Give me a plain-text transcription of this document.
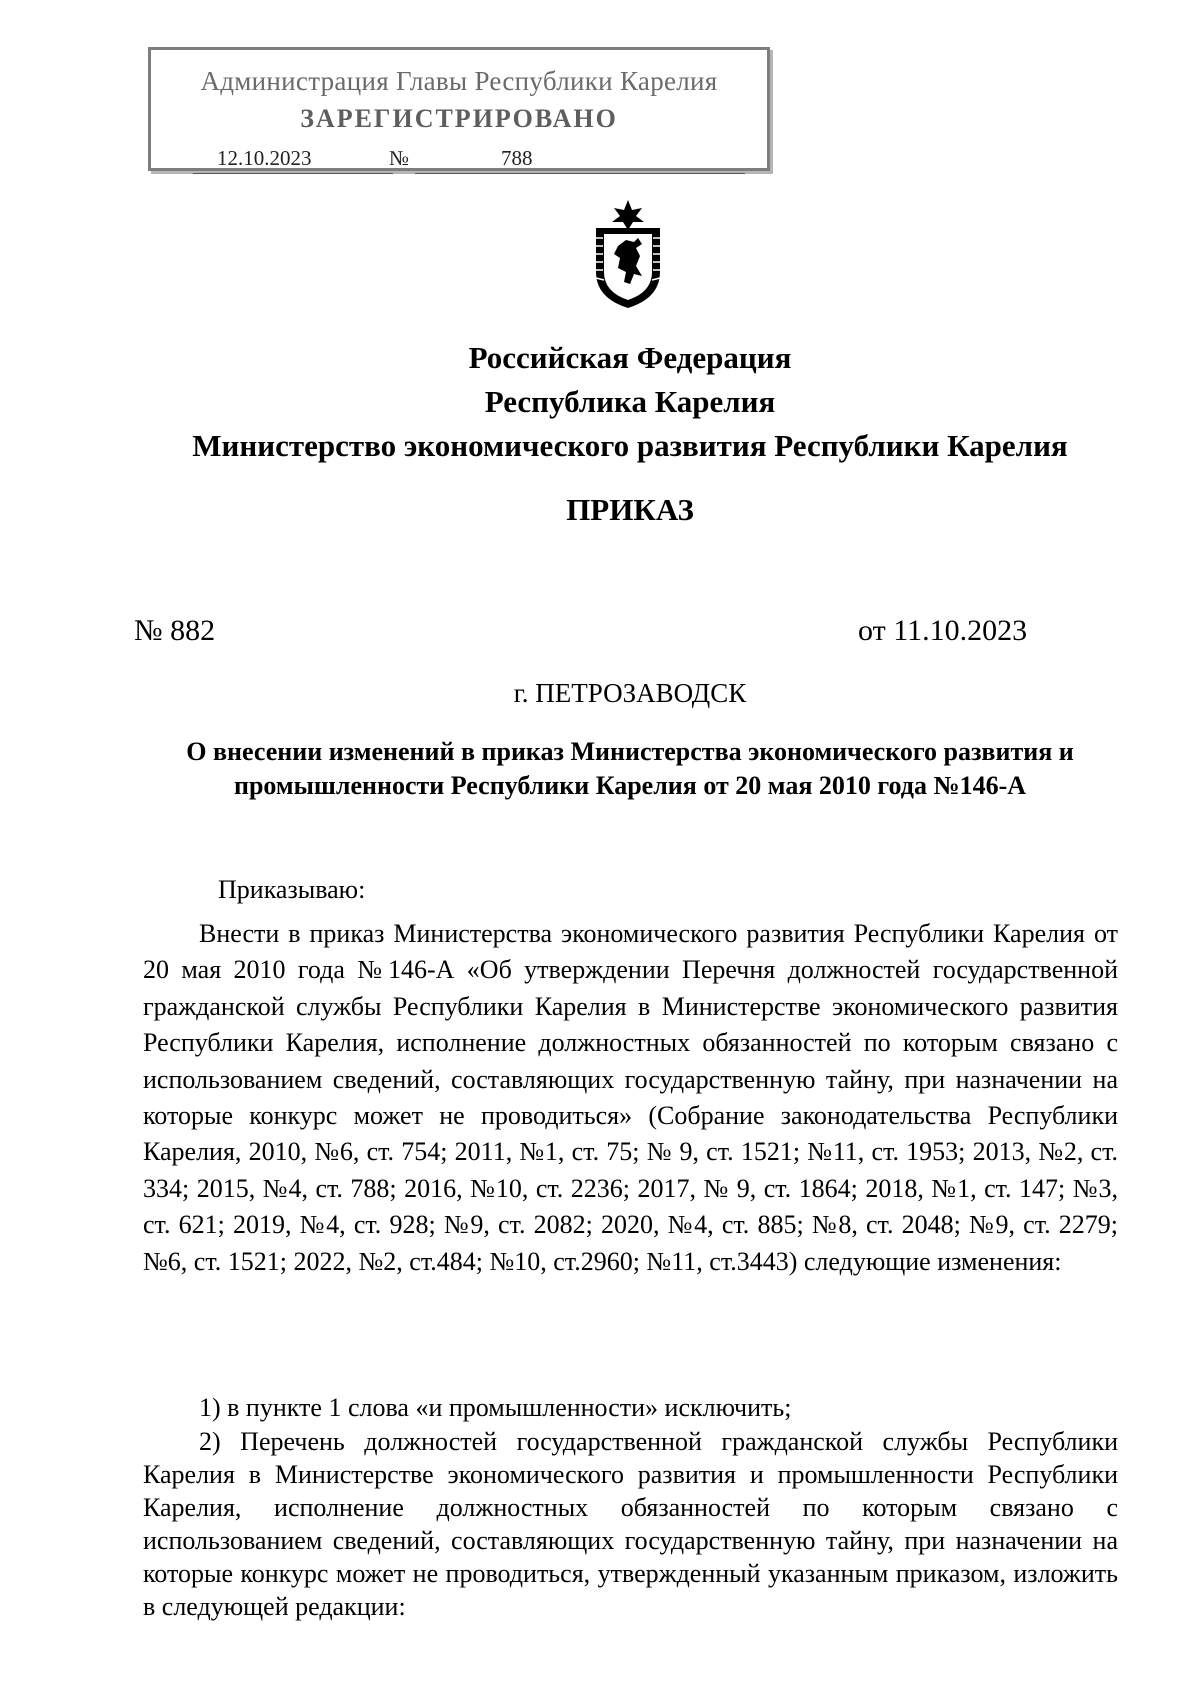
Администрация Главы Республики Карелия
ЗАРЕГИСТРИРОВАНО
12.10.2023	№	788
Российская Федерация
Республика Карелия
Министерство экономического развития Республики Карелия
ПРИКАЗ
№ 882	от 11.10.2023
г. ПЕТРОЗАВОДСК
О внесении изменений в приказ Министерства экономического развития и промышленности Республики Карелия от 20 мая 2010 года №146-А
Приказываю:
Внести в приказ Министерства экономического развития Республики Карелия от 20 мая 2010 года №146-А «Об утверждении Перечня должностей государственной гражданской службы Республики Карелия в Министерстве экономического развития Республики Карелия, исполнение должностных обязанностей по которым связано с использованием сведений, составляющих государственную тайну, при назначении на которые конкурс может не проводиться» (Собрание законодательства Республики Карелия, 2010, №6, ст. 754; 2011, №1, ст. 75; № 9, ст. 1521; №11, ст. 1953; 2013, №2, ст. 334; 2015, №4, ст. 788; 2016, №10, ст. 2236; 2017, № 9, ст. 1864; 2018, №1, ст. 147; №3, ст. 621; 2019, №4, ст. 928; №9, ст. 2082; 2020, №4, ст. 885; №8, ст. 2048; №9, ст. 2279; №6, ст. 1521; 2022, №2, ст.484; №10, ст.2960; №11, ст.3443) следующие изменения:
1) в пункте 1 слова «и промышленности» исключить;
2) Перечень должностей государственной гражданской службы Республики Карелия в Министерстве экономического развития и промышленности Республики Карелия, исполнение должностных обязанностей по которым связано с использованием сведений, составляющих государственную тайну, при назначении на которые конкурс может не проводиться, утвержденный указанным приказом, изложить в следующей редакции:
